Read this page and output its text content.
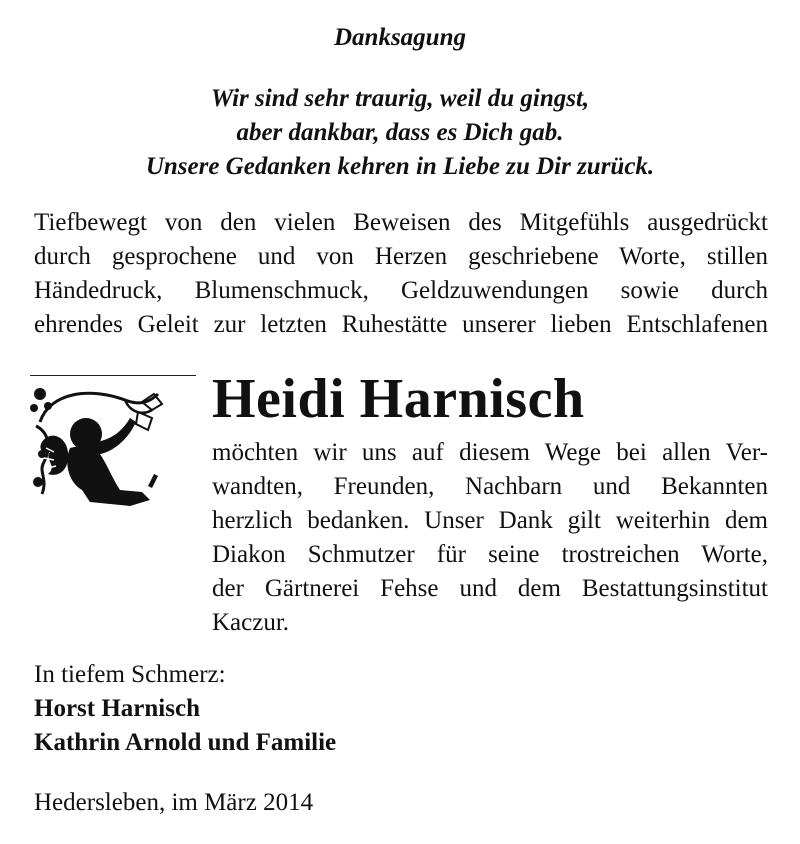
Danksagung
Wir sind sehr traurig, weil du gingst,
aber dankbar, dass es Dich gab.
Unsere Gedanken kehren in Liebe zu Dir zurück.
Tiefbewegt von den vielen Beweisen des Mitgefühls ausgedrückt
durch gesprochene und von Herzen geschriebene Worte, stillen
Händedruck, Blumenschmuck, Geldzuwendungen sowie durch
ehrendes Geleit zur letzten Ruhestätte unserer lieben Entschlafenen
Heidi Harnisch
möchten wir uns auf diesem Wege bei allen Ver-
wandten, Freunden, Nachbarn und Bekannten
herzlich bedanken. Unser Dank gilt weiterhin dem
Diakon Schmutzer für seine trostreichen Worte,
der Gärtnerei Fehse und dem Bestattungsinstitut
Kaczur.
In tiefem Schmerz:
Horst Harnisch
Kathrin Arnold und Familie
Hedersleben, im März 2014
